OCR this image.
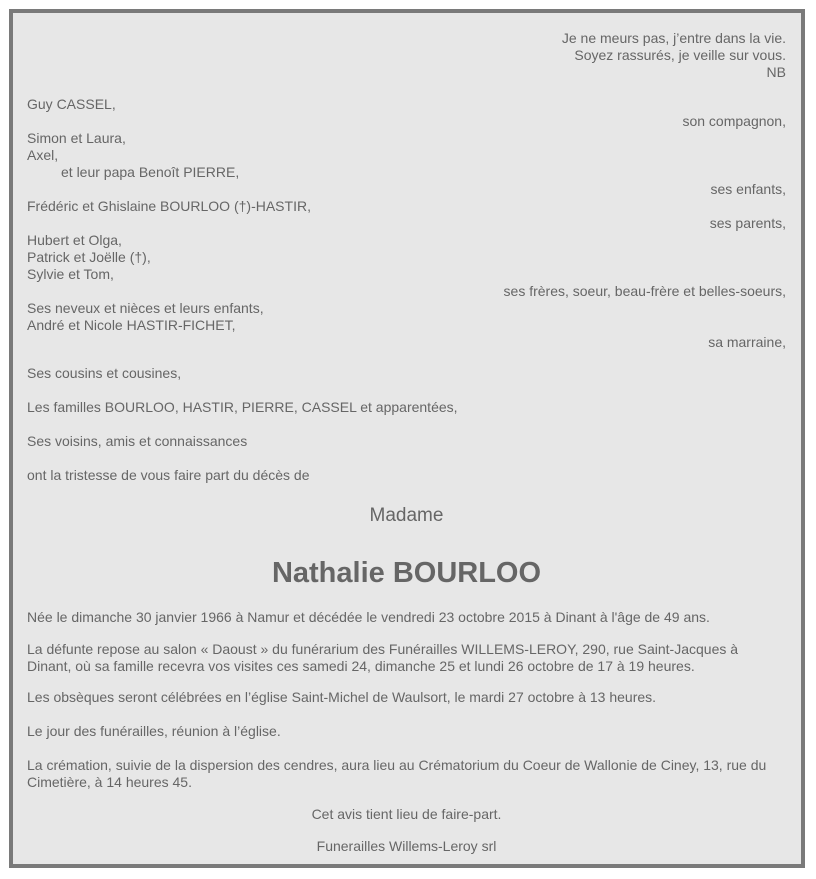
Je ne meurs pas, j’entre dans la vie.
Soyez rassurés, je veille sur vous.
NB
Guy CASSEL,
son compagnon,
Simon et Laura,
Axel,
et leur papa Benoît PIERRE,
ses enfants,
Frédéric et Ghislaine BOURLOO (†)-HASTIR,
ses parents,
Hubert et Olga,
Patrick et Joëlle (†),
Sylvie et Tom,
ses frères, soeur, beau-frère et belles-soeurs,
Ses neveux et nièces et leurs enfants,
André et Nicole HASTIR-FICHET,
sa marraine,
Ses cousins et cousines,
Les familles BOURLOO, HASTIR, PIERRE, CASSEL et apparentées,
Ses voisins, amis et connaissances
ont la tristesse de vous faire part du décès de
Madame
Nathalie BOURLOO
Née le dimanche 30 janvier 1966 à Namur et décédée le vendredi 23 octobre 2015 à Dinant à l'âge de 49 ans.
La défunte repose au salon « Daoust » du funérarium des Funérailles WILLEMS-LEROY, 290, rue Saint-Jacques à Dinant, où sa famille recevra vos visites ces samedi 24, dimanche 25 et lundi 26 octobre de 17 à 19 heures.
Les obsèques seront célébrées en l’église Saint-Michel de Waulsort, le mardi 27 octobre à 13 heures.
Le jour des funérailles, réunion à l’église.
La crémation, suivie de la dispersion des cendres, aura lieu au Crématorium du Coeur de Wallonie de Ciney, 13, rue du Cimetière, à 14 heures 45.
Cet avis tient lieu de faire-part.
Funerailles Willems-Leroy srl
